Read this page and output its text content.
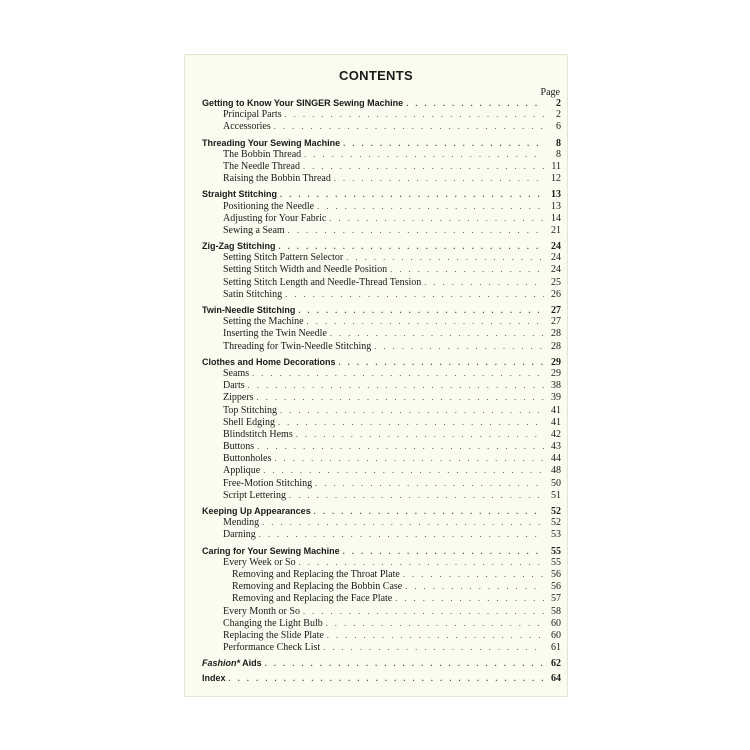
CONTENTS
Page
Getting to Know Your SINGER Sewing Machine . . .	2
Principal Parts . . .	2
Accessories . . .	6
Threading Your Sewing Machine . . .	8
The Bobbin Thread . . .	8
The Needle Thread . . .	11
Raising the Bobbin Thread . . .	12
Straight Stitching . . .	13
Positioning the Needle . . .	13
Adjusting for Your Fabric . . .	14
Sewing a Seam . . .	21
Zig-Zag Stitching . . .	24
Setting Stitch Pattern Selector . . .	24
Setting Stitch Width and Needle Position . . .	24
Setting Stitch Length and Needle-Thread Tension . . .	25
Satin Stitching . . .	26
Twin-Needle Stitching . . .	27
Setting the Machine . . .	27
Inserting the Twin Needle . . .	28
Threading for Twin-Needle Stitching . . .	28
Clothes and Home Decorations . . .	29
Seams . . .	29
Darts . . .	38
Zippers . . .	39
Top Stitching . . .	41
Shell Edging . . .	41
Blindstitch Hems . . .	42
Buttons . . .	43
Buttonholes . . .	44
Applique . . .	48
Free-Motion Stitching . . .	50
Script Lettering . . .	51
Keeping Up Appearances . . .	52
Mending . . .	52
Darning . . .	53
Caring for Your Sewing Machine . . .	55
Every Week or So . . .	55
Removing and Replacing the Throat Plate . . .	56
Removing and Replacing the Bobbin Case . . .	56
Removing and Replacing the Face Plate . . .	57
Every Month or So . . .	58
Changing the Light Bulb . . .	60
Replacing the Slide Plate . . .	60
Performance Check List . . .	61
Fashion* Aids . . .	62
Index . . .	64
